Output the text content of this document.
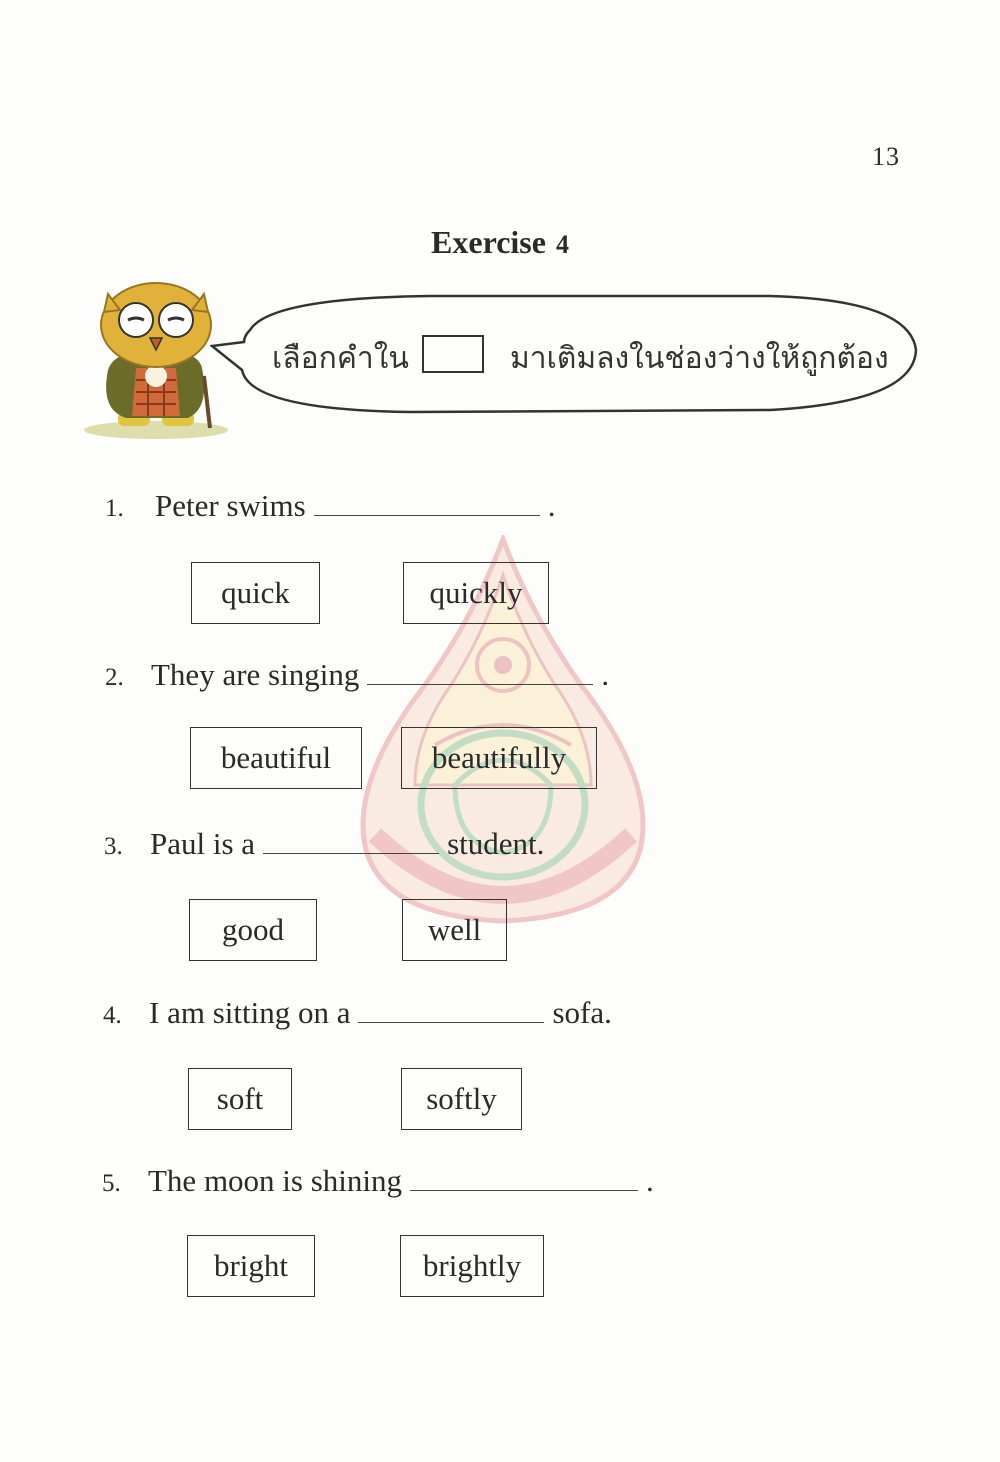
13
Exercise 4
เลือกคำใน	มาเติมลงในช่องว่างให้ถูกต้อง
1. Peter swims	.
quick	quickly
2. They are singing	.
beautiful	beautifully
3. Paul is a	student.
good	well
4. I am sitting on a	sofa.
soft	softly
5. The moon is shining	.
bright	brightly
